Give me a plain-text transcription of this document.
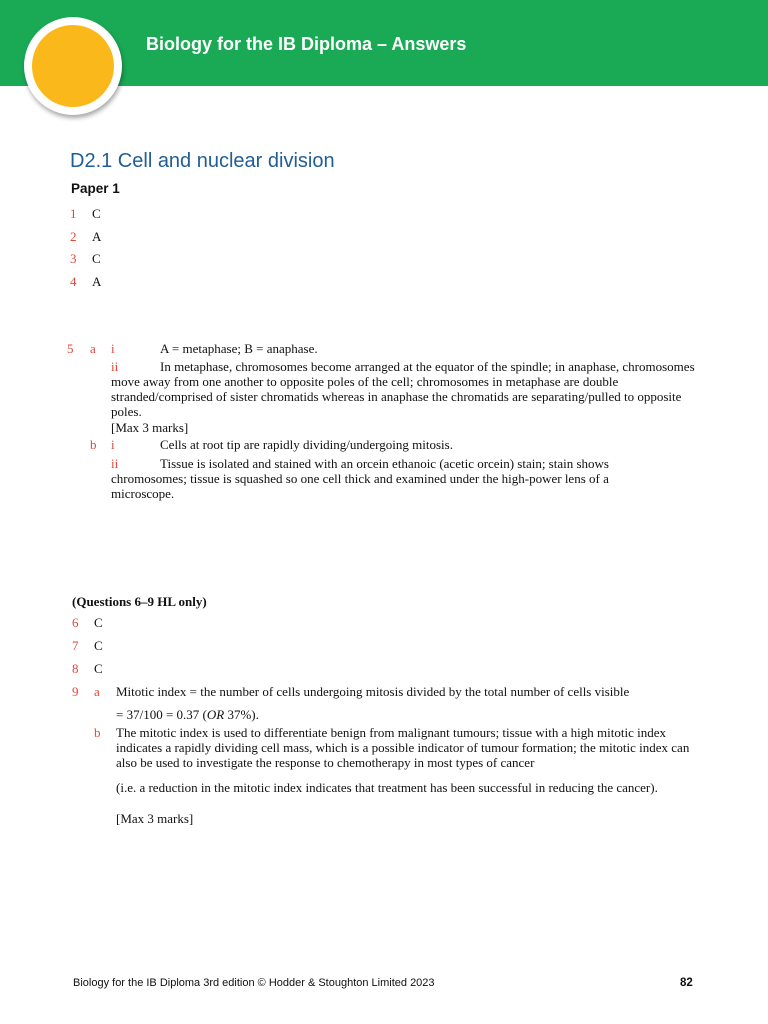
Biology for the IB Diploma – Answers
D2.1 Cell and nuclear division
Paper 1
1 C
2 A
3 C
4 A
5 a i	A = metaphase; B = anaphase.
ii	In metaphase, chromosomes become arranged at the equator of the spindle; in anaphase, chromosomes move away from one another to opposite poles of the cell; chromosomes in metaphase are double stranded/comprised of sister chromatids whereas in anaphase the chromatids are separating/pulled to opposite poles.
[Max 3 marks]
b i	Cells at root tip are rapidly dividing/undergoing mitosis.
ii	Tissue is isolated and stained with an orcein ethanoic (acetic orcein) stain; stain shows chromosomes; tissue is squashed so one cell thick and examined under the high-power lens of a microscope.
(Questions 6–9 HL only)
6 C
7 C
8 C
9 a Mitotic index = the number of cells undergoing mitosis divided by the total number of cells visible
= 37/100 = 0.37 (OR 37%).
b The mitotic index is used to differentiate benign from malignant tumours; tissue with a high mitotic index indicates a rapidly dividing cell mass, which is a possible indicator of tumour formation; the mitotic index can also be used to investigate the response to chemotherapy in most types of cancer
(i.e. a reduction in the mitotic index indicates that treatment has been successful in reducing the cancer).
[Max 3 marks]
Biology for the IB Diploma 3rd edition © Hodder & Stoughton Limited 2023	82
